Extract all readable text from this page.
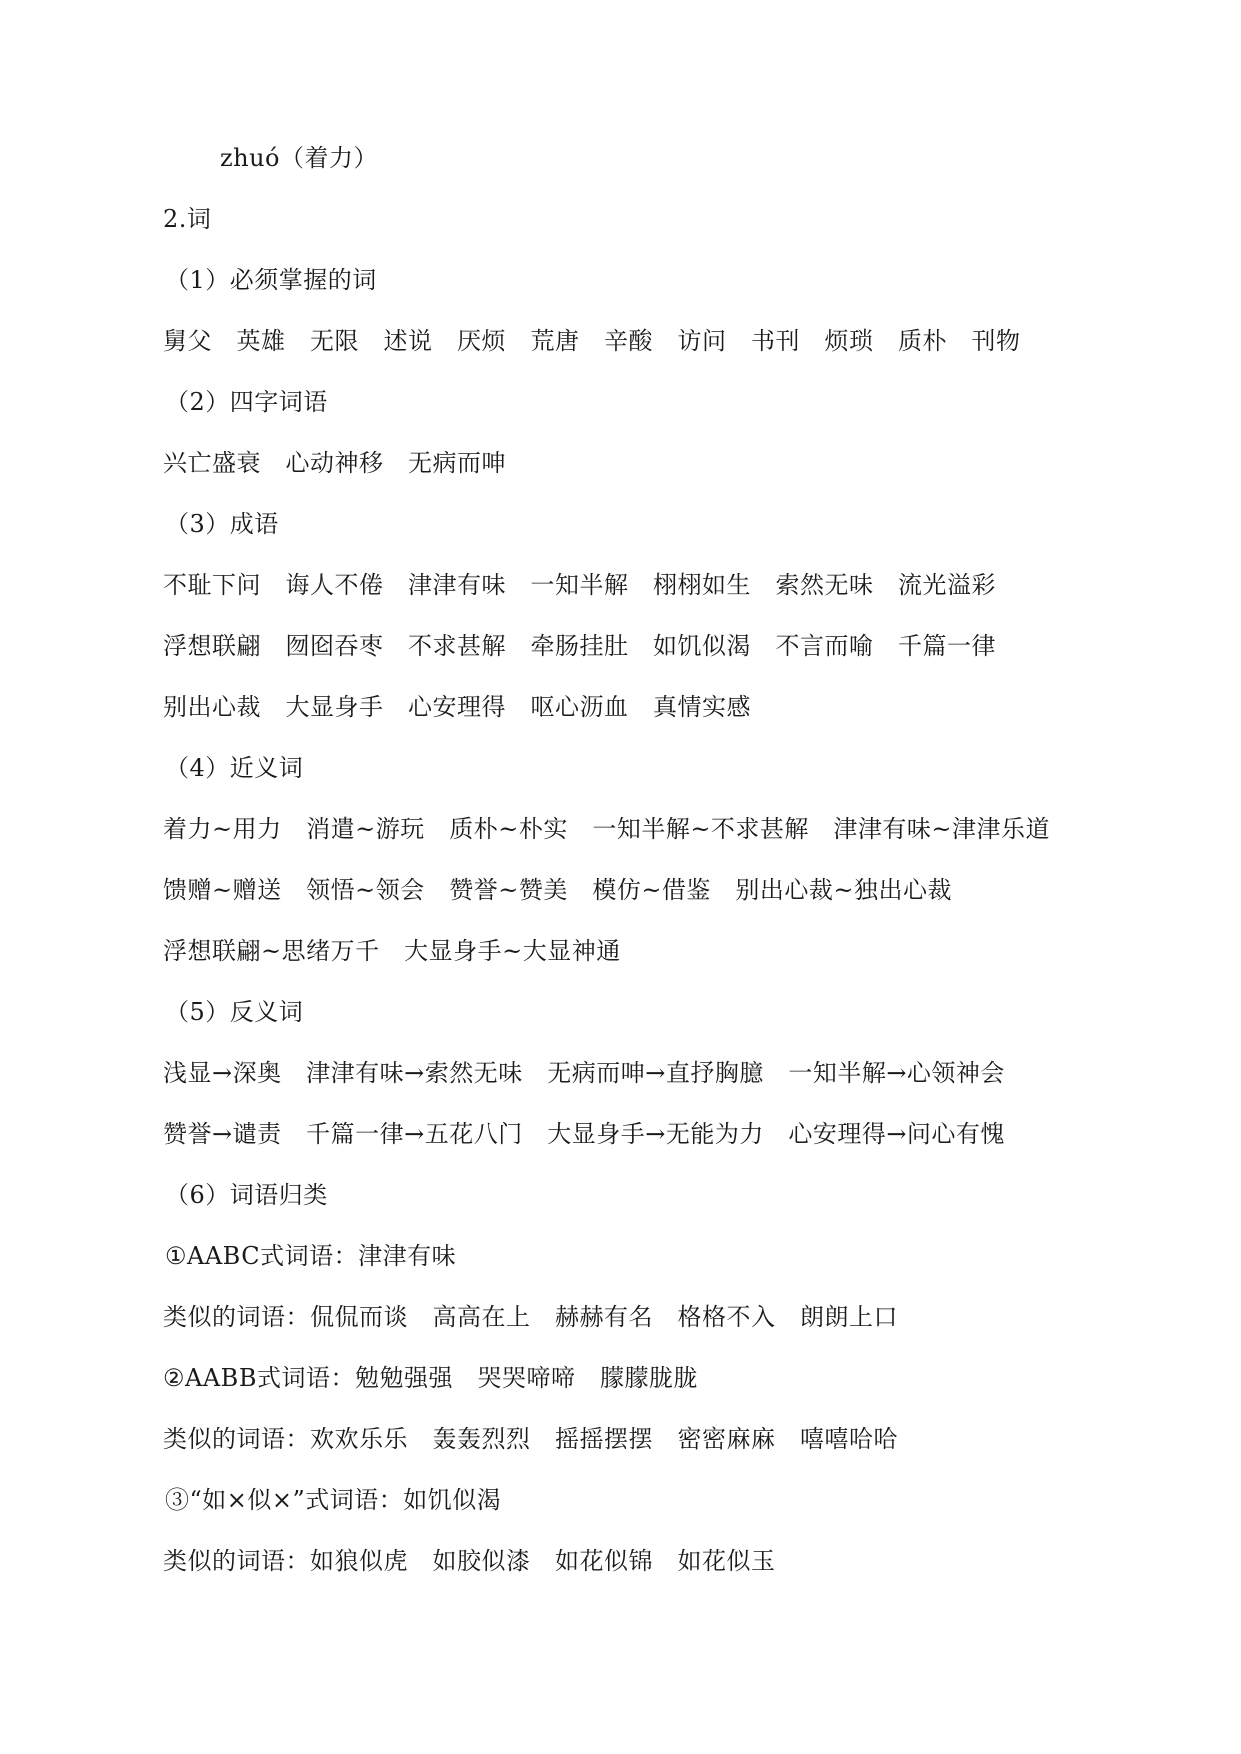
zhuó（着力）
2.词
（1）必须掌握的词
舅父　英雄　无限　述说　厌烦　荒唐　辛酸　访问　书刊　烦琐　质朴　刊物
（2）四字词语
兴亡盛衰　心动神移　无病而呻
（3）成语
不耻下问　诲人不倦　津津有味　一知半解　栩栩如生　索然无味　流光溢彩
浮想联翩　囫囵吞枣　不求甚解　牵肠挂肚　如饥似渴　不言而喻　千篇一律
别出心裁　大显身手　心安理得　呕心沥血　真情实感
（4）近义词
着力~用力　消遣~游玩　质朴~朴实　一知半解~不求甚解　津津有味~津津乐道
馈赠~赠送　领悟~领会　赞誉~赞美　模仿~借鉴　别出心裁~独出心裁
浮想联翩~思绪万千　大显身手~大显神通
（5）反义词
浅显→深奥　津津有味→索然无味　无病而呻→直抒胸臆　一知半解→心领神会
赞誉→谴责　千篇一律→五花八门　大显身手→无能为力　心安理得→问心有愧
（6）词语归类
①AABC式词语：津津有味
类似的词语：侃侃而谈　高高在上　赫赫有名　格格不入　朗朗上口
②AABB式词语：勉勉强强　哭哭啼啼　朦朦胧胧
类似的词语：欢欢乐乐　轰轰烈烈　摇摇摆摆　密密麻麻　嘻嘻哈哈
③“如×似×”式词语：如饥似渴
类似的词语：如狼似虎　如胶似漆　如花似锦　如花似玉
